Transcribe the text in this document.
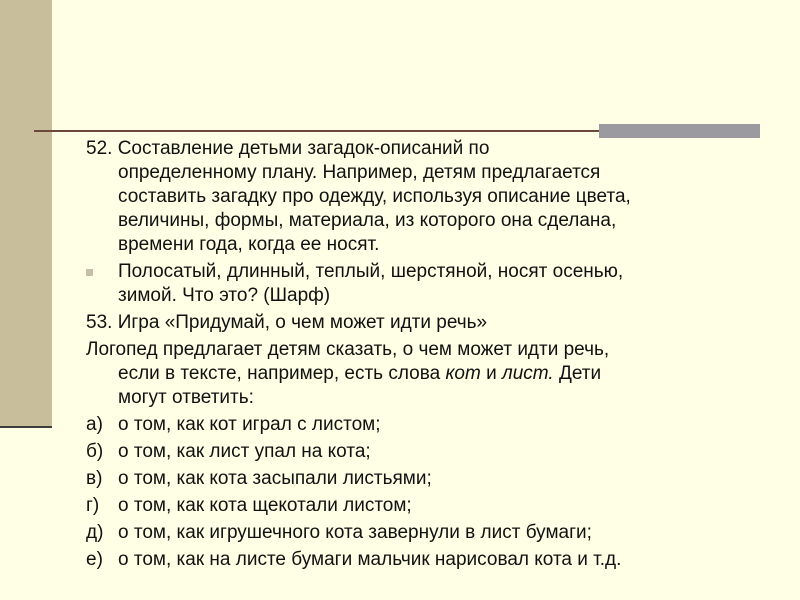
52. Составление детьми загадок-описаний по
определенному плану. Например, детям предлагается
составить загадку про одежду, используя описание цвета,
величины, формы, материала, из которого она сделана,
времени года, когда ее носят.
Полосатый, длинный, теплый, шерстяной, носят осенью,
зимой. Что это? (Шарф)
53. Игра «Придумай, о чем может идти речь»
Логопед предлагает детям сказать, о чем может идти речь,
если в тексте, например, есть слова кот и лист. Дети
могут ответить:
а) о том, как кот играл с листом;
б) о том, как лист упал на кота;
в) о том, как кота засыпали листьями;
г) о том, как кота щекотали листом;
д) о том, как игрушечного кота завернули в лист бумаги;
е) о том, как на листе бумаги мальчик нарисовал кота и т.д.
